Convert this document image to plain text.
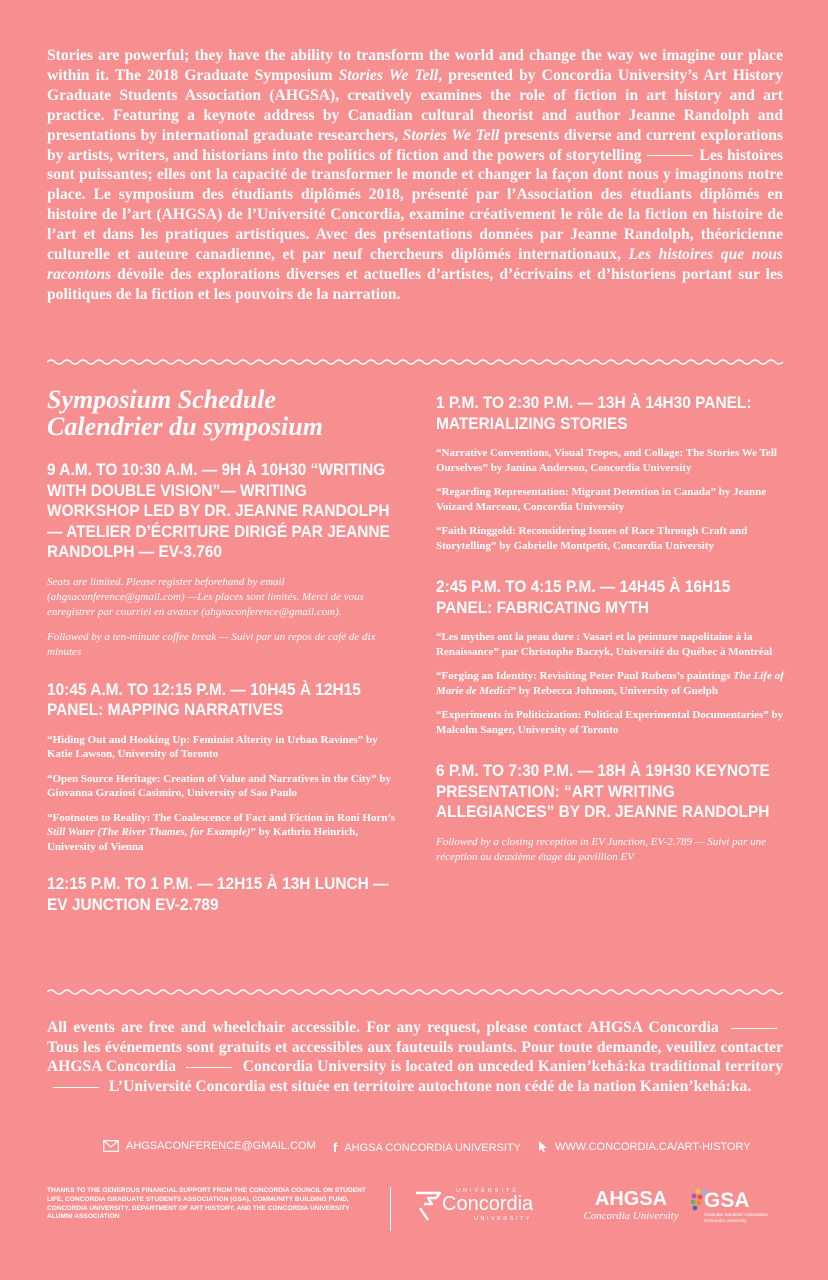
Stories are powerful; they have the ability to transform the world and change the way we imagine our place within it. The 2018 Graduate Symposium Stories We Tell, presented by Concordia University’s Art History Graduate Students Association (AHGSA), creatively examines the role of fiction in art history and art practice. Featuring a keynote address by Canadian cultural theorist and author Jeanne Randolph and presentations by international graduate researchers, Stories We Tell presents diverse and current explorations by artists, writers, and historians into the politics of fiction and the powers of storytelling	Les histoires sont puissantes; elles ont la capacité de transformer le monde et changer la façon dont nous y imaginons notre place. Le symposium des étudiants diplômés 2018, présenté par l’Association des étudiants diplômés en histoire de l’art (AHGSA) de l’Université Concordia, examine créativement le rôle de la fiction en histoire de l’art et dans les pratiques artistiques. Avec des présentations données par Jeanne Randolph, théoricienne culturelle et auteure canadienne, et par neuf chercheurs diplômés internationaux, Les histoires que nous racontons dévoile des explorations diverses et actuelles d’artistes, d’écrivains et d’historiens portant sur les politiques de la fiction et les pouvoirs de la narration.
Symposium Schedule
Calendrier du symposium
9 A.M. TO 10:30 A.M. — 9H À 10H30 “WRITING WITH DOUBLE VISION”— WRITING WORKSHOP LED BY DR. JEANNE RANDOLPH — ATELIER D’ÉCRITURE DIRIGÉ PAR JEANNE RANDOLPH — EV-3.760
Seats are limited. Please register beforehand by email (ahgsaconference@gmail.com) —Les places sont limités. Merci de vous enregistrer par courriel en avance (ahgsaconference@gmail.com).
Followed by a ten-minute coffee break — Suivi par un repos de café de dix minutes
10:45 A.M. TO 12:15 P.M. — 10H45 À 12H15 PANEL: MAPPING NARRATIVES
“Hiding Out and Hooking Up: Feminist Alterity in Urban Ravines” by Katie Lawson, University of Toronto
“Open Source Heritage: Creation of Value and Narratives in the City” by Giovanna Graziosi Casimiro, University of Sao Paulo
“Footnotes to Reality: The Coalescence of Fact and Fiction in Roni Horn’s Still Water (The River Thames, for Example)” by Kathrin Heinrich, University of Vienna
12:15 P.M. TO 1 P.M. — 12H15 À 13H LUNCH — EV JUNCTION EV-2.789
1 P.M. TO 2:30 P.M. — 13H À 14H30 PANEL: MATERIALIZING STORIES
“Narrative Conventions, Visual Tropes, and Collage: The Stories We Tell Ourselves” by Janina Anderson, Concordia University
“Regarding Representation: Migrant Detention in Canada” by Jeanne Voizard Marceau, Concordia University
“Faith Ringgold: Reconsidering Issues of Race Through Craft and Storytelling” by Gabrielle Montpetit, Concordia University
2:45 P.M. TO 4:15 P.M. — 14H45 À 16H15 PANEL: FABRICATING MYTH
“Les mythes ont la peau dure : Vasari et la peinture napolitaine à la Renaissance” par Christophe Baczyk, Université du Québec à Montréal
“Forging an Identity: Revisiting Peter Paul Rubens’s paintings The Life of Marie de Medici” by Rebecca Johnson, University of Guelph
“Experiments in Politicization: Political Experimental Documentaries” by Malcolm Sanger, University of Toronto
6 P.M. TO 7:30 P.M. — 18H À 19H30 KEYNOTE PRESENTATION: “ART WRITING ALLEGIANCES” BY DR. JEANNE RANDOLPH
Followed by a closing reception in EV Junction, EV-2.789 — Suivi par une réception au deuxième étage du pavillion EV
All events are free and wheelchair accessible. For any request, please contact AHGSA Concordia  Tous les événements sont gratuits et accessibles aux fauteuils roulants. Pour toute demande, veuillez contacter AHGSA Concordia	Concordia University is located on unceded Kanien’kehá:ka traditional territory  L’Université Concordia est située en territoire autochtone non cédé de la nation Kanien’kehá:ka.
AHGSACONFERENCE@GMAIL.COM f AHGSA CONCORDIA UNIVERSITY	WWW.CONCORDIA.CA/ART-HISTORY
THANKS TO THE GENEROUS FINANCIAL SUPPORT FROM THE CONCORDIA COUNCIL ON STUDENT LIFE, CONCORDIA GRADUATE STUDENTS ASSOCIATION (GSA), COMMUNITY BUILDING FUND, CONCORDIA UNIVERSITY, DEPARTMENT OF ART HISTORY, AND THE CONCORDIA UNIVERSITY ALUMNI ASSOCIATION
UNIVERSITÉ
Concordia
UNIVERSITY
AHGSA
Concordia University
GSA
Graduate Students’ Association
Concordia University
